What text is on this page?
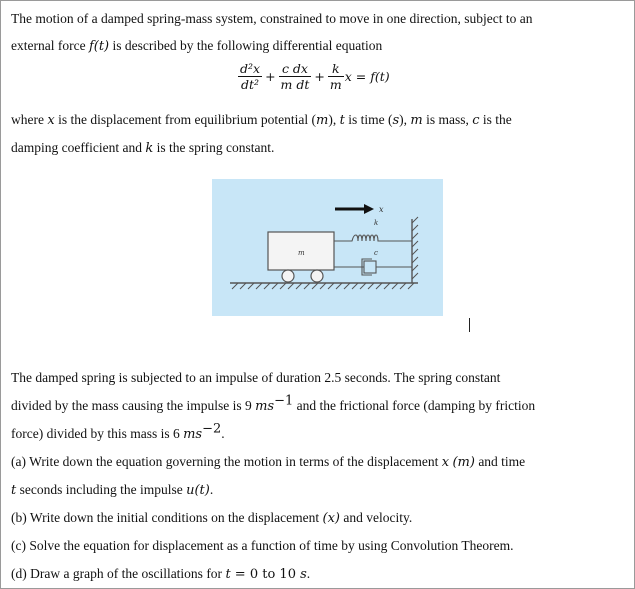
The motion of a damped spring-mass system, constrained to move in one direction, subject to an
external force f(t) is described by the following differential equation
$\frac{\text{d²x}}{\text{dt²}} + \frac{\text{c dx}}{\text{m dt}} + \frac{k}{m}$ x = f(t)
where x is the displacement from equilibrium potential (m), t is time (s), m is mass, c is the
damping coefficient and k is the spring constant.
x
k
c
m
The damped spring is subjected to an impulse of duration 2.5 seconds. The spring constant
divided by the mass causing the impulse is 9 $ms^{-1}$ and the frictional force (damping by friction
force) divided by this mass is 6 $ms^{-2}$.
(a) Write down the equation governing the motion in terms of the displacement x (m) and time
t seconds including the impulse u(t).
(b) Write down the initial conditions on the displacement (x) and velocity.
(c) Solve the equation for displacement as a function of time by using Convolution Theorem.
(d) Draw a graph of the oscillations for t = 0 to 10 s.
